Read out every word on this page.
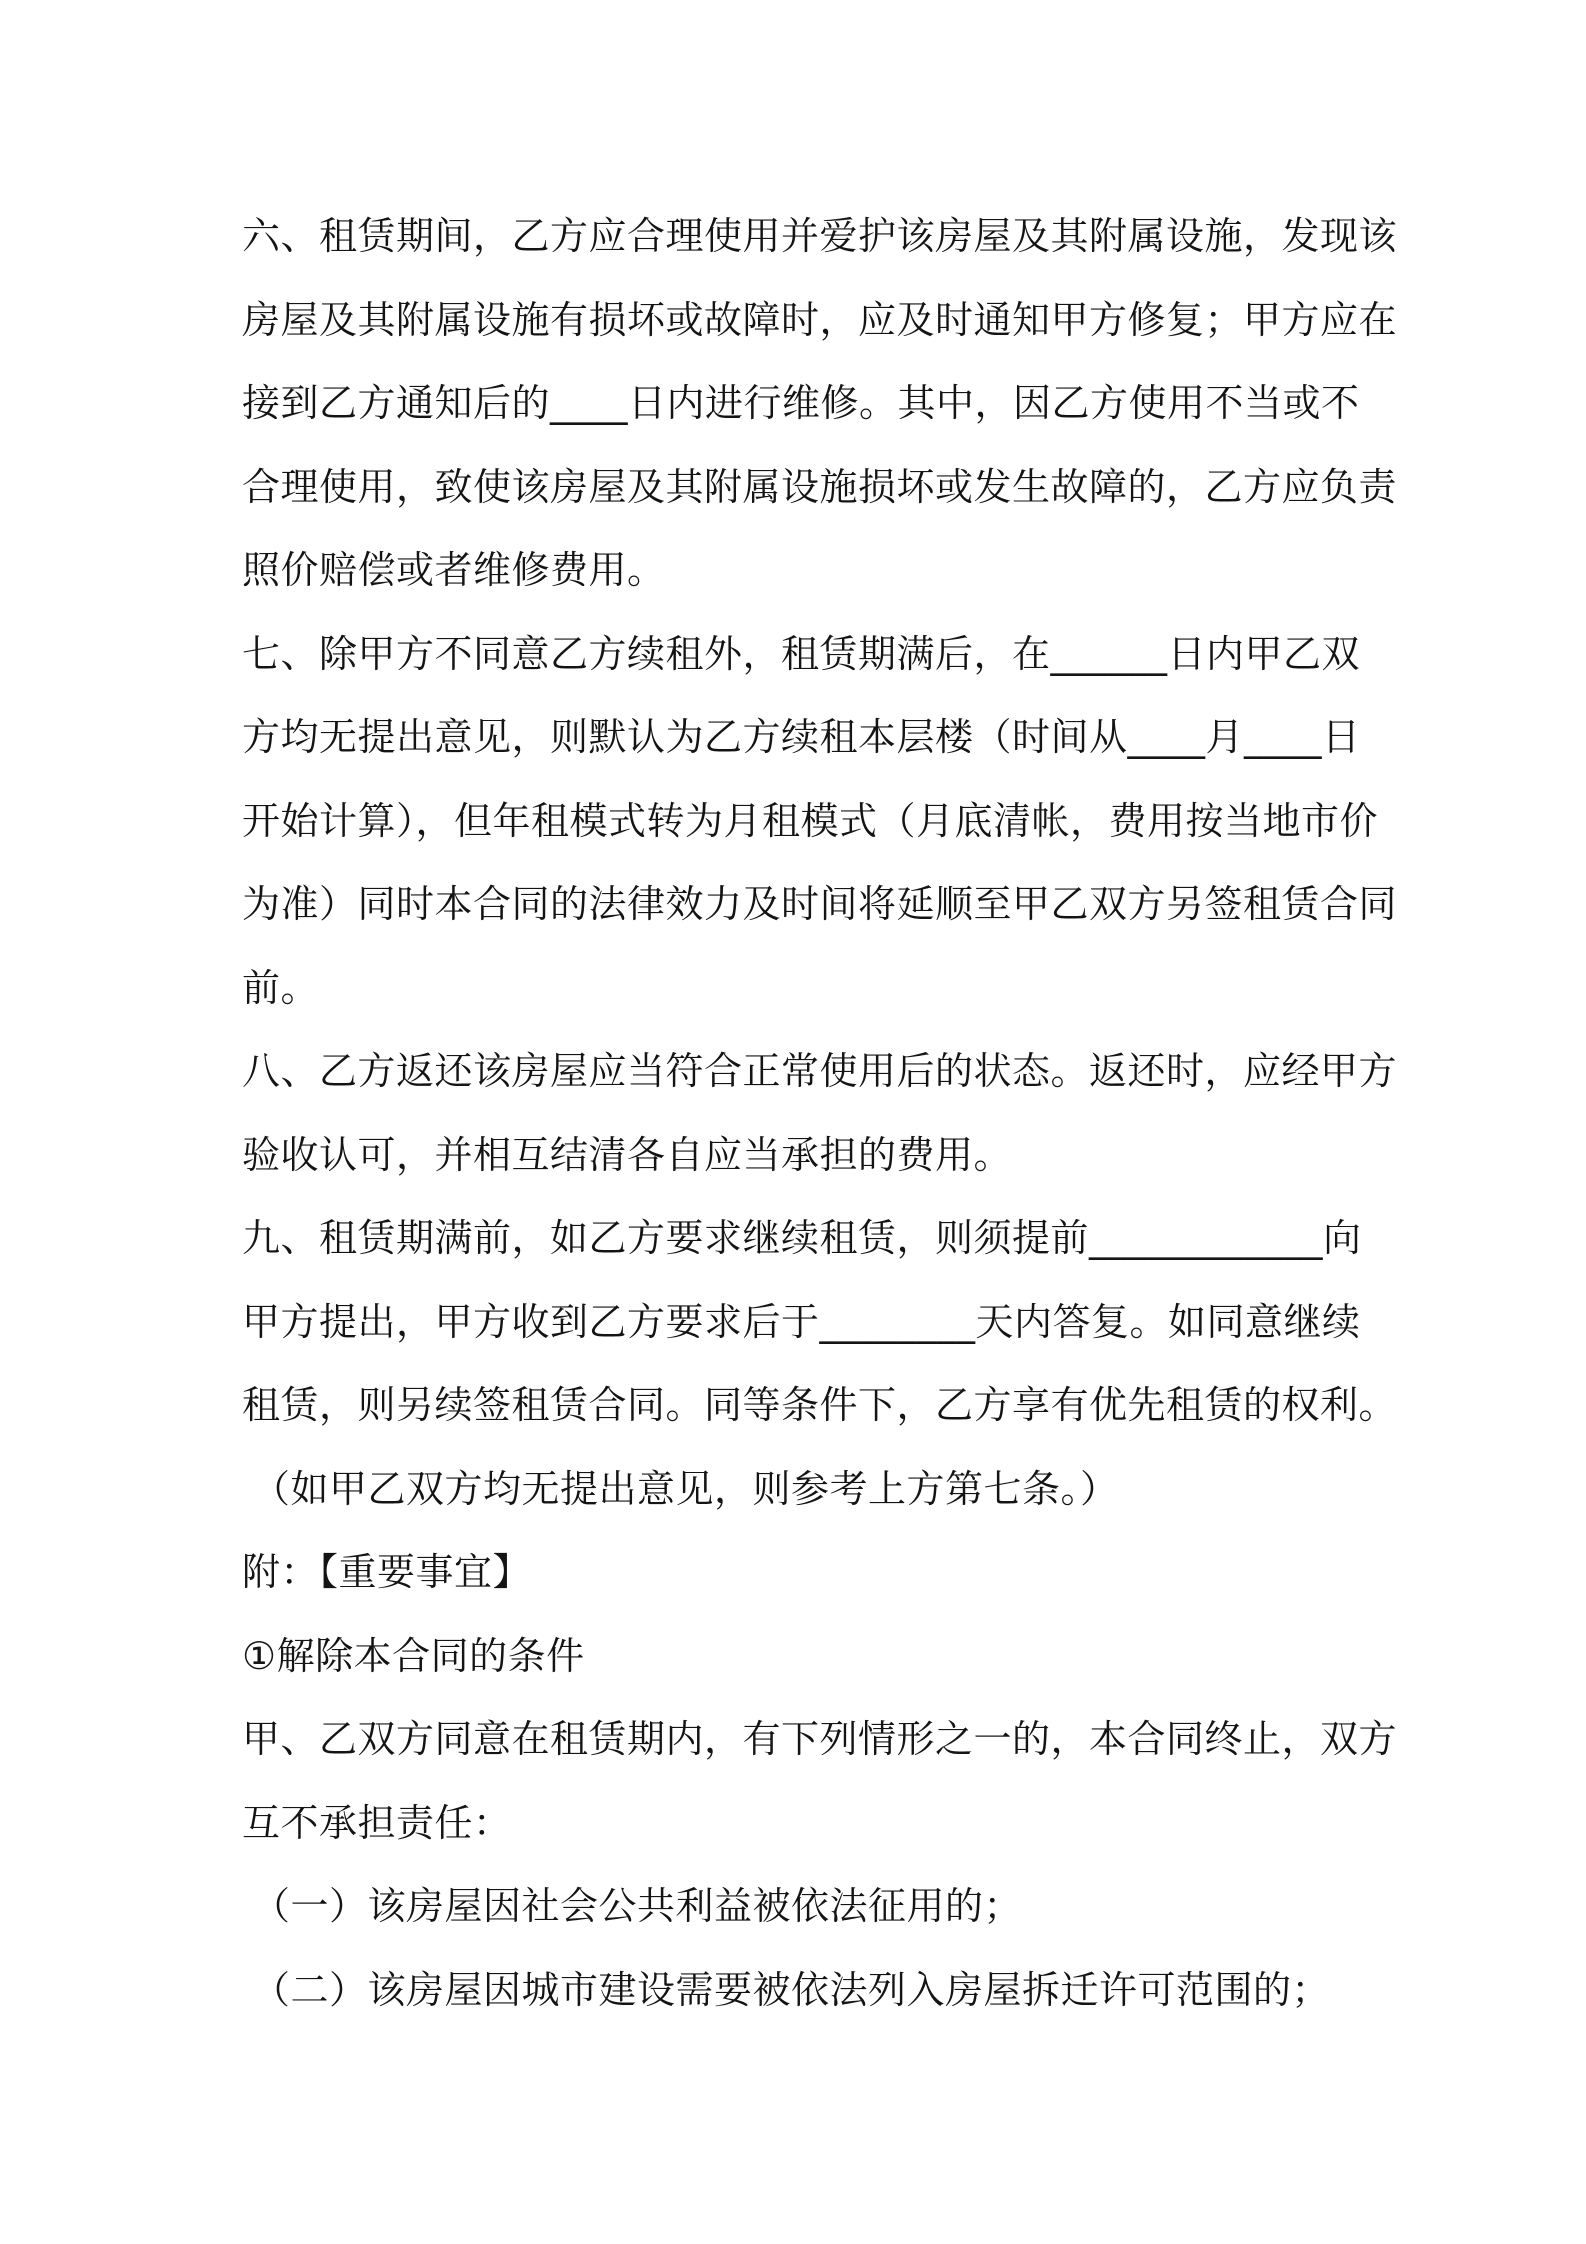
六、租赁期间，乙方应合理使用并爱护该房屋及其附属设施，发现该
房屋及其附属设施有损坏或故障时，应及时通知甲方修复；甲方应在
接到乙方通知后的____日内进行维修。其中，因乙方使用不当或不
合理使用，致使该房屋及其附属设施损坏或发生故障的，乙方应负责
照价赔偿或者维修费用。
七、除甲方不同意乙方续租外，租赁期满后，在______日内甲乙双
方均无提出意见，则默认为乙方续租本层楼（时间从____月____日
开始计算），但年租模式转为月租模式（月底清帐，费用按当地市价
为准）同时本合同的法律效力及时间将延顺至甲乙双方另签租赁合同
前。
八、乙方返还该房屋应当符合正常使用后的状态。返还时，应经甲方
验收认可，并相互结清各自应当承担的费用。
九、租赁期满前，如乙方要求继续租赁，则须提前____________向
甲方提出，甲方收到乙方要求后于________天内答复。如同意继续
租赁，则另续签租赁合同。同等条件下，乙方享有优先租赁的权利。
（如甲乙双方均无提出意见，则参考上方第七条。）
附：【重要事宜】
①解除本合同的条件
甲、乙双方同意在租赁期内，有下列情形之一的，本合同终止，双方
互不承担责任：
（一）该房屋因社会公共利益被依法征用的；
（二）该房屋因城市建设需要被依法列入房屋拆迁许可范围的；
